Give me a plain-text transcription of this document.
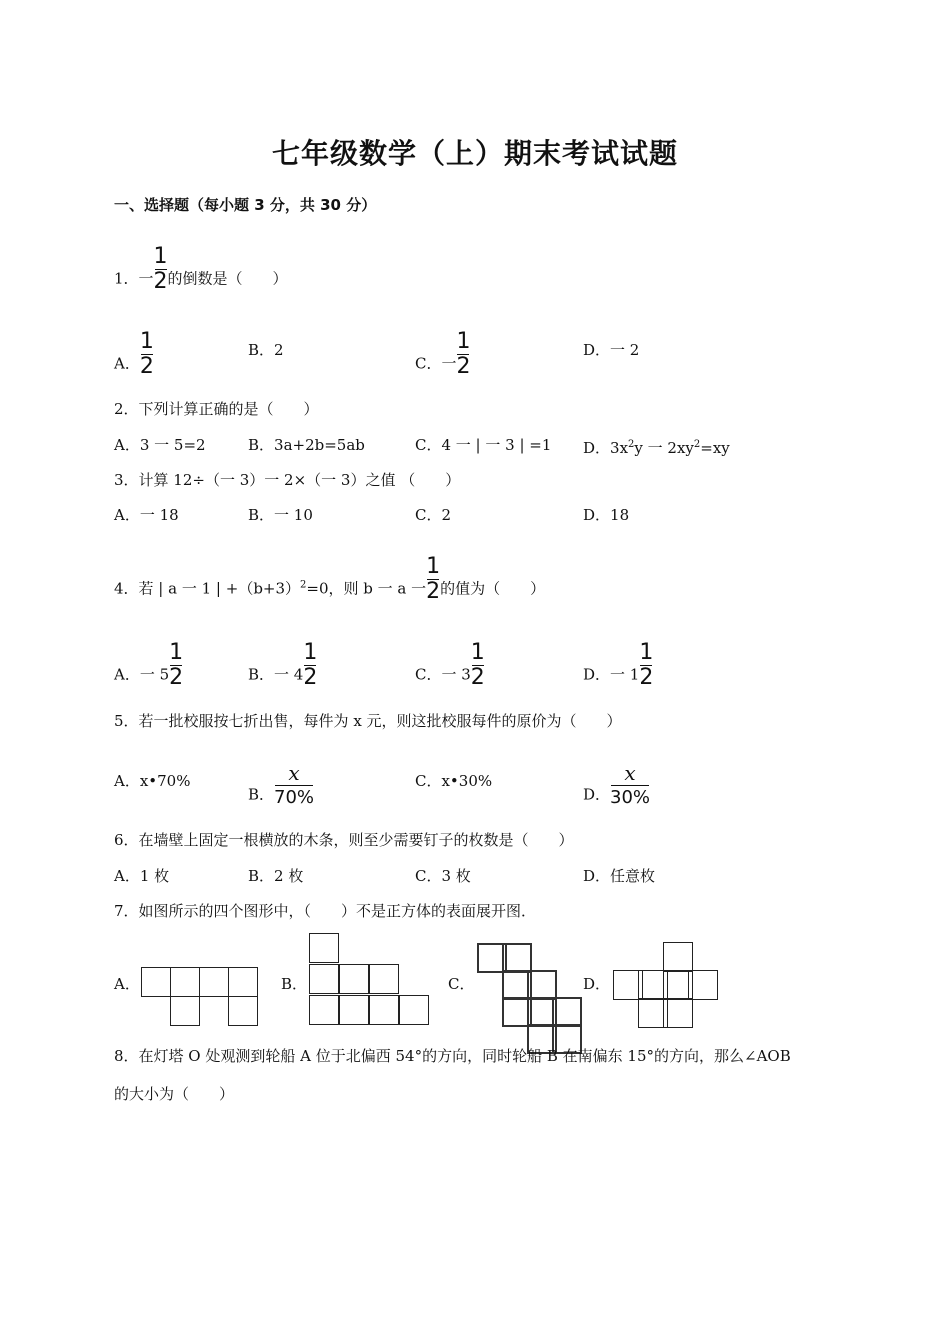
七年级数学（上）期末考试试题
一、选择题（每小题 3 分，共 30 分）
1．一 $\frac{1}{2}$ 的倒数是（　　）
A． $\frac{1}{2}$	B．2
C．一 $\frac{1}{2}$	D．一 2
2．下列计算正确的是（　　）
A．3 一 5=2	B．3a+2b=5ab	C．4 一 | 一 3 | =1 D．$3x^2y$ 一 $2xy^2=xy$
3．计算 12÷（一 3）一 2×（一 3）之值 （　　）
A．一 18	B．一 10	C．2	D．18
4．若 | a 一 1 | $+(b+3)^2=0$，则 b 一 a 一 $\frac{1}{2}$ 的值为（　　）
A．一 $5 \frac{1}{2}$	B．一 $4 \frac{1}{2}$	C．一 $3 \frac{1}{2}$	D．一 $1 \frac{1}{2}$
5．若一批校服按七折出售，每件为 x 元，则这批校服每件的原价为（　　）
A．x•70%
B． $\frac{x}{70\%}$	C．x•30%
D． $\frac{x}{30\%}$
6．在墙壁上固定一根横放的木条，则至少需要钉子的枚数是（　　）
A．1 枚	B．2 枚	C．3 枚	D．任意枚
7．如图所示的四个图形中，（　　）不是正方体的表面展开图．
A．	B．	C．	D．
8．在灯塔 O 处观测到轮船 A 位于北偏西 54°的方向，同时轮船 B 在南偏东 15°的方向，那么∠AOB
的大小为（　　）
